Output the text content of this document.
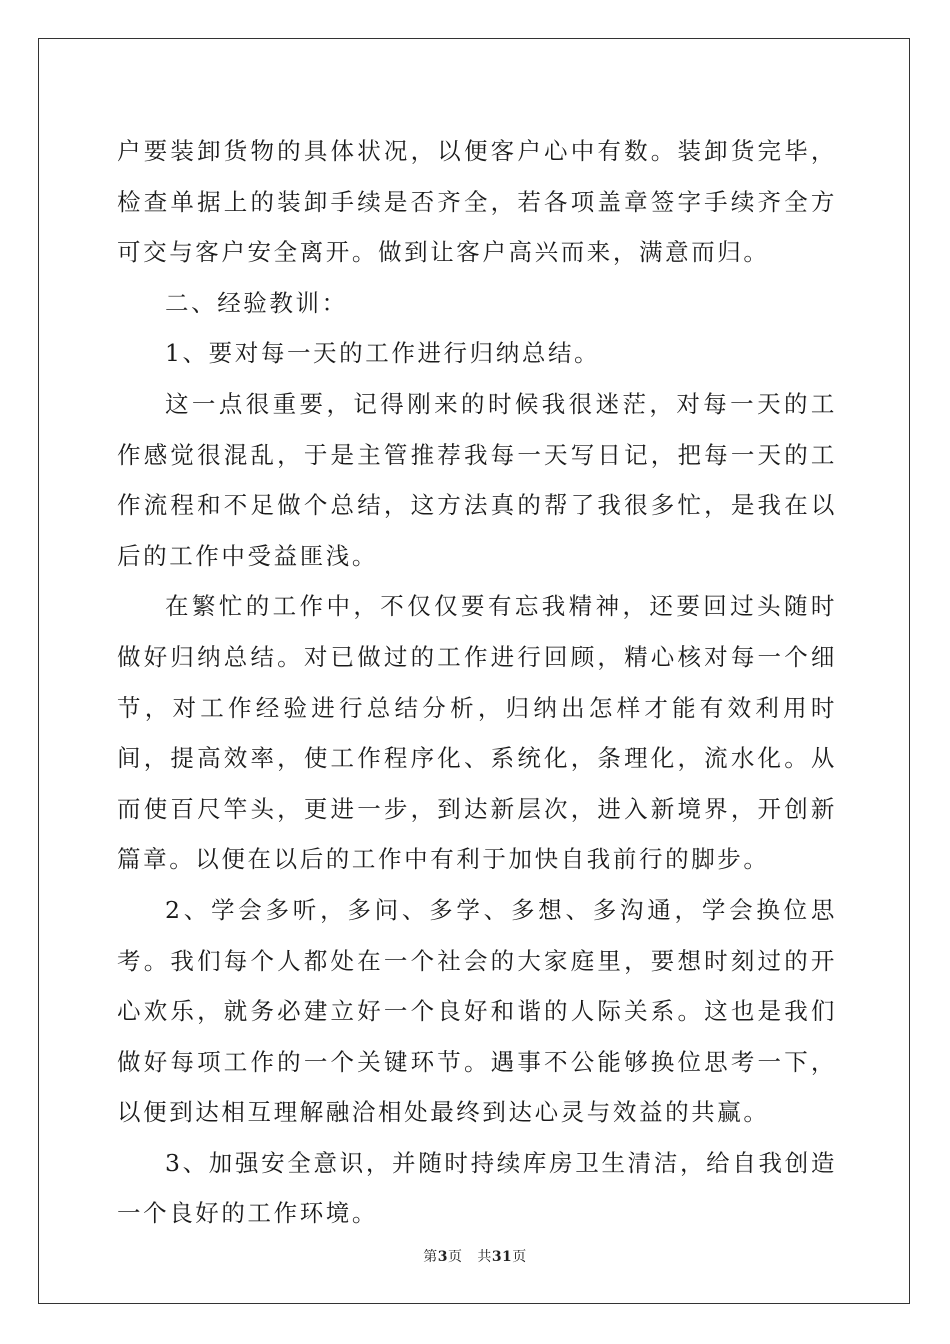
户要装卸货物的具体状况，以便客户心中有数。装卸货完毕，检查单据上的装卸手续是否齐全，若各项盖章签字手续齐全方可交与客户安全离开。做到让客户高兴而来，满意而归。

二、经验教训：

1、要对每一天的工作进行归纳总结。

这一点很重要，记得刚来的时候我很迷茫，对每一天的工作感觉很混乱，于是主管推荐我每一天写日记，把每一天的工作流程和不足做个总结，这方法真的帮了我很多忙，是我在以后的工作中受益匪浅。

在繁忙的工作中，不仅仅要有忘我精神，还要回过头随时做好归纳总结。对已做过的工作进行回顾，精心核对每一个细节，对工作经验进行总结分析，归纳出怎样才能有效利用时间，提高效率，使工作程序化、系统化，条理化，流水化。从而使百尺竿头，更进一步，到达新层次，进入新境界，开创新篇章。以便在以后的工作中有利于加快自我前行的脚步。

2、学会多听，多问、多学、多想、多沟通，学会换位思考。我们每个人都处在一个社会的大家庭里，要想时刻过的开心欢乐，就务必建立好一个良好和谐的人际关系。这也是我们做好每项工作的一个关键环节。遇事不公能够换位思考一下，以便到达相互理解融洽相处最终到达心灵与效益的共赢。

3、加强安全意识，并随时持续库房卫生清洁，给自我创造一个良好的工作环境。

第3页 共31页
